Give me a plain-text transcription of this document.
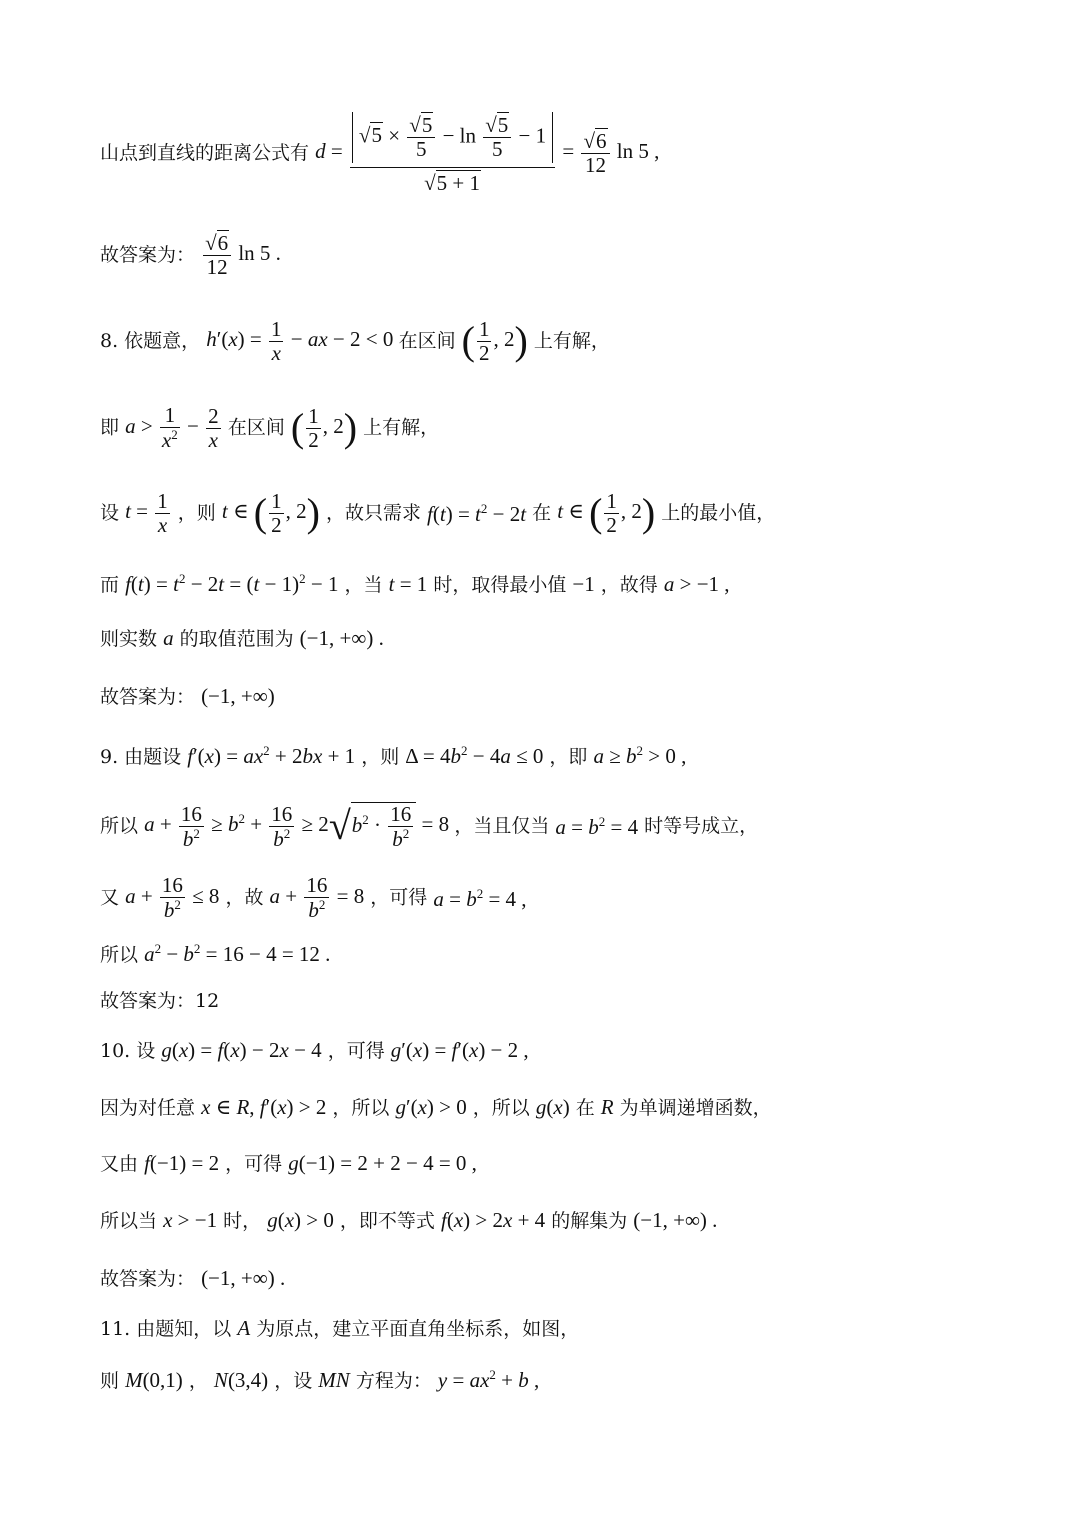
山点到直线的距离公式有 $d = \frac{√5 \times \frac{√5}{5} - \ln \frac{√5}{5} - 1}{√5 + 1} = \frac{√6}{12}$ ln 5 ,
故答案为： $\frac{√6}{12}$ ln 5 .
8. 依题意， $h'(x) = \frac{1}{x}$ − ax − 2 < 0 在区间 ( $\frac{1}{2}$ , 2) 上有解，
即 $a > \frac{1}{x^2} - \frac{2}{x}$ 在区间 ( $\frac{1}{2}$ , 2) 上有解，
设 $t = \frac{1}{x}$ ，则 t ∈ ( $\frac{1}{2}$ , 2) ，故只需求 $f(t) = t^2 - 2t$ 在 t ∈ ( $\frac{1}{2}$ , 2) 上的最小值，
而 $f(t) = t^2 - 2t = (t - 1)^2 - 1$ ，当 t = 1 时，取得最小值 −1 ，故得 a > −1 ,
则实数 a 的取值范围为 (−1, +∞) .
故答案为： (−1, +∞)
9. 由题设 $f'(x) = ax^2 + 2bx + 1$ ，则 $\Delta = 4b^2 - 4a \le 0$ ，即 $a \ge b^2 > 0$ ,
所以 $a + \frac{16}{b^2} \ge b^2 + \frac{16}{b^2} \ge 2√b^2 \cdot \frac{16}{b^2} = 8$ ，当且仅当 $a = b^2 = 4$ 时等号成立，
又 $a + \frac{16}{b^2} \le 8$ ，故 $a + \frac{16}{b^2} = 8$ ，可得 $a = b^2 = 4$ ,
所以 $a^2 - b^2 = 16 - 4 = 12$ .
故答案为：12
10. 设 g(x) = f(x) − 2x − 4 ，可得 g′(x) = f′(x) − 2 ,
因为对任意 x ∈ R, f′(x) > 2 ，所以 g′(x) > 0 ，所以 g(x) 在 R 为单调递增函数，
又由 f(−1) = 2 ，可得 g(−1) = 2 + 2 − 4 = 0 ,
所以当 x > −1 时， g(x) > 0 ，即不等式 f(x) > 2x + 4 的解集为 (−1, +∞) .
故答案为： (−1, +∞) .
11. 由题知，以 A 为原点，建立平面直角坐标系，如图，
则 M(0,1) ， N(3,4) ，设 MN 方程为： $y = ax^2 + b$ ,
